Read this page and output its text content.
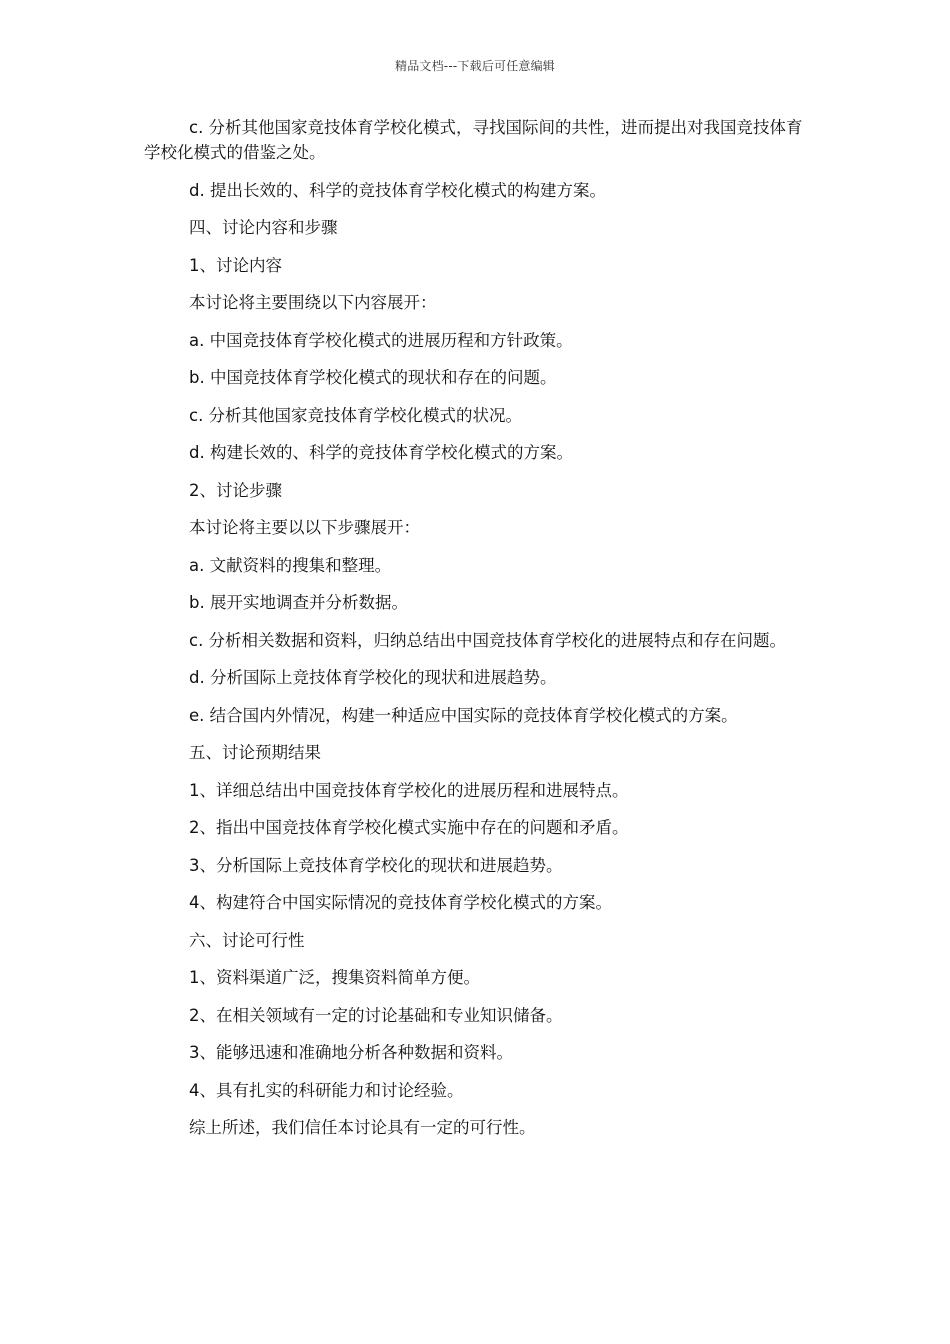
精品文档---下载后可任意编辑

c. 分析其他国家竞技体育学校化模式，寻找国际间的共性，进而提出对我国竞技体育学校化模式的借鉴之处。

d. 提出长效的、科学的竞技体育学校化模式的构建方案。

四、讨论内容和步骤

1、讨论内容

本讨论将主要围绕以下内容展开：

a. 中国竞技体育学校化模式的进展历程和方针政策。

b. 中国竞技体育学校化模式的现状和存在的问题。

c. 分析其他国家竞技体育学校化模式的状况。

d. 构建长效的、科学的竞技体育学校化模式的方案。

2、讨论步骤

本讨论将主要以以下步骤展开：

a. 文献资料的搜集和整理。

b. 展开实地调查并分析数据。

c. 分析相关数据和资料，归纳总结出中国竞技体育学校化的进展特点和存在问题。

d. 分析国际上竞技体育学校化的现状和进展趋势。

e. 结合国内外情况，构建一种适应中国实际的竞技体育学校化模式的方案。

五、讨论预期结果

1、详细总结出中国竞技体育学校化的进展历程和进展特点。

2、指出中国竞技体育学校化模式实施中存在的问题和矛盾。

3、分析国际上竞技体育学校化的现状和进展趋势。

4、构建符合中国实际情况的竞技体育学校化模式的方案。

六、讨论可行性

1、资料渠道广泛，搜集资料简单方便。

2、在相关领域有一定的讨论基础和专业知识储备。

3、能够迅速和准确地分析各种数据和资料。

4、具有扎实的科研能力和讨论经验。

综上所述，我们信任本讨论具有一定的可行性。
